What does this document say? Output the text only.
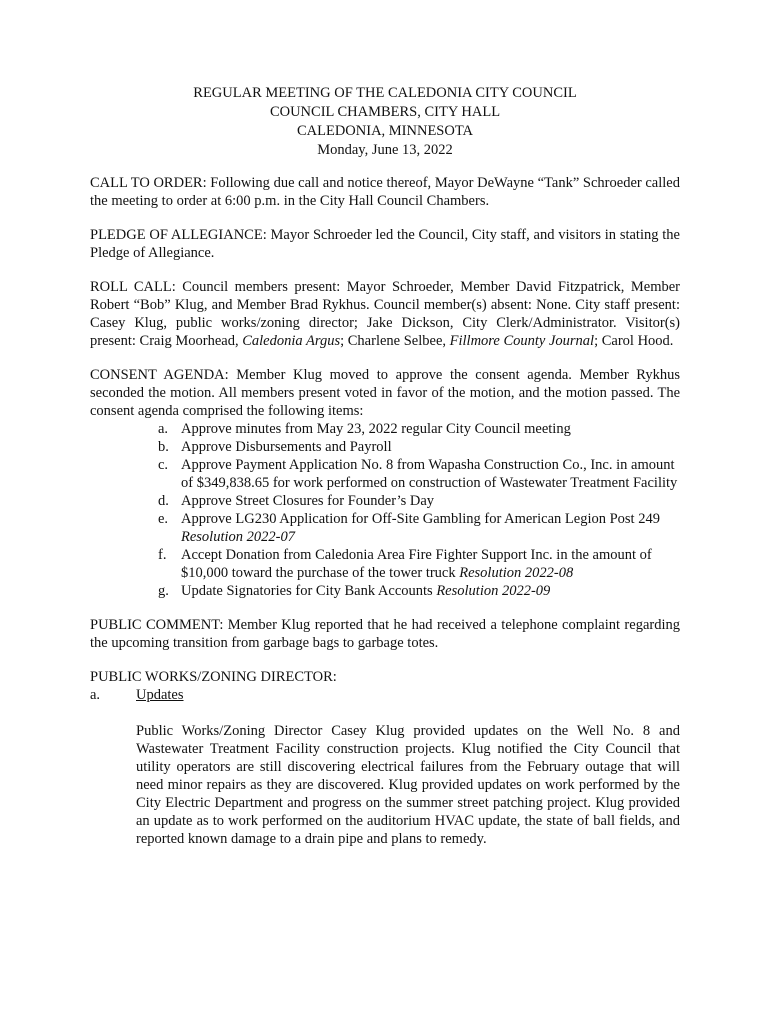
REGULAR MEETING OF THE CALEDONIA CITY COUNCIL
COUNCIL CHAMBERS, CITY HALL
CALEDONIA, MINNESOTA
Monday, June 13, 2022

CALL TO ORDER: Following due call and notice thereof, Mayor DeWayne “Tank” Schroeder called the meeting to order at 6:00 p.m. in the City Hall Council Chambers.

PLEDGE OF ALLEGIANCE: Mayor Schroeder led the Council, City staff, and visitors in stating the Pledge of Allegiance.

ROLL CALL: Council members present: Mayor Schroeder, Member David Fitzpatrick, Member Robert “Bob” Klug, and Member Brad Rykhus. Council member(s) absent: None. City staff present: Casey Klug, public works/zoning director; Jake Dickson, City Clerk/Administrator. Visitor(s) present: Craig Moorhead, Caledonia Argus; Charlene Selbee, Fillmore County Journal; Carol Hood.

CONSENT AGENDA: Member Klug moved to approve the consent agenda. Member Rykhus seconded the motion. All members present voted in favor of the motion, and the motion passed. The consent agenda comprised the following items:
a. Approve minutes from May 23, 2022 regular City Council meeting
b. Approve Disbursements and Payroll
c. Approve Payment Application No. 8 from Wapasha Construction Co., Inc. in amount of $349,838.65 for work performed on construction of Wastewater Treatment Facility
d. Approve Street Closures for Founder’s Day
e. Approve LG230 Application for Off-Site Gambling for American Legion Post 249 Resolution 2022-07
f. Accept Donation from Caledonia Area Fire Fighter Support Inc. in the amount of $10,000 toward the purchase of the tower truck Resolution 2022-08
g. Update Signatories for City Bank Accounts Resolution 2022-09

PUBLIC COMMENT: Member Klug reported that he had received a telephone complaint regarding the upcoming transition from garbage bags to garbage totes.

PUBLIC WORKS/ZONING DIRECTOR:
a. Updates
Public Works/Zoning Director Casey Klug provided updates on the Well No. 8 and Wastewater Treatment Facility construction projects. Klug notified the City Council that utility operators are still discovering electrical failures from the February outage that will need minor repairs as they are discovered. Klug provided updates on work performed by the City Electric Department and progress on the summer street patching project. Klug provided an update as to work performed on the auditorium HVAC update, the state of ball fields, and reported known damage to a drain pipe and plans to remedy.
